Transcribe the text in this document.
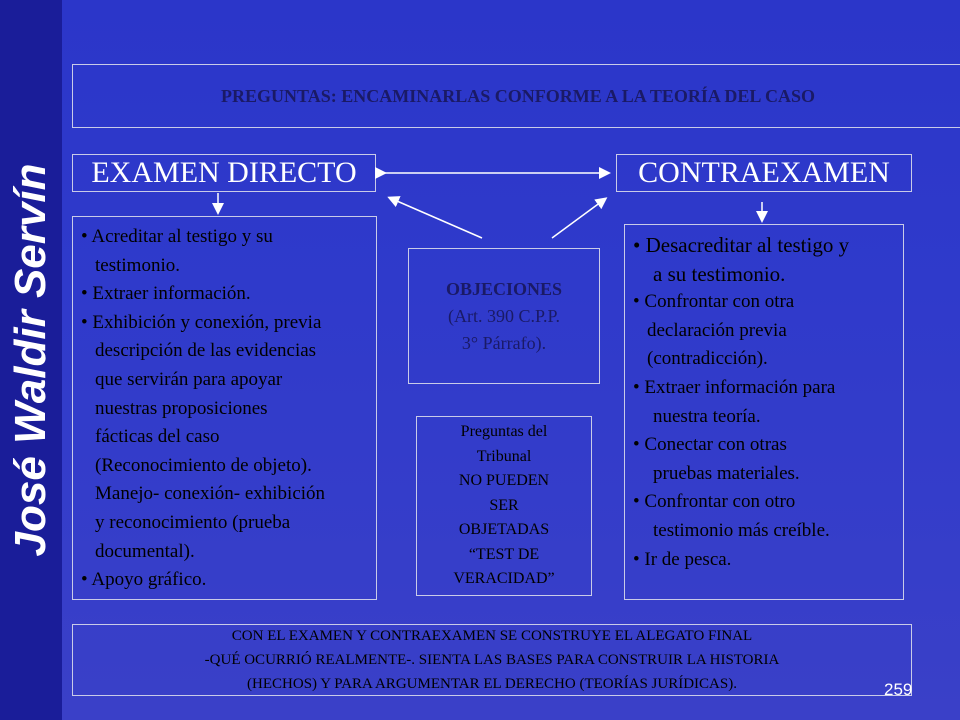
José Waldir Servín
PREGUNTAS: ENCAMINARLAS CONFORME A LA TEORÍA DEL CASO
EXAMEN DIRECTO	CONTRAEXAMEN
• Acreditar al testigo y su
testimonio.
• Extraer información.
• Exhibición y conexión, previa
descripción de las evidencias
que servirán para apoyar
nuestras proposiciones
fácticas del caso
(Reconocimiento de objeto).
Manejo- conexión- exhibición
y reconocimiento (prueba
documental).
• Apoyo gráfico.
OBJECIONES
(Art. 390 C.P.P.
3° Párrafo).
Preguntas del
Tribunal
NO PUEDEN
SER
OBJETADAS
“TEST DE
VERACIDAD”
• Desacreditar al testigo y
a su testimonio.
• Confrontar con otra
declaración previa
(contradicción).
• Extraer información para
nuestra teoría.
• Conectar con otras
pruebas materiales.
• Confrontar con otro
testimonio más creíble.
• Ir de pesca.
CON EL EXAMEN Y CONTRAEXAMEN SE CONSTRUYE EL ALEGATO FINAL
-QUÉ OCURRIÓ REALMENTE-. SIENTA LAS BASES PARA CONSTRUIR LA HISTORIA
(HECHOS) Y PARA ARGUMENTAR EL DERECHO (TEORÍAS JURÍDICAS).	259
